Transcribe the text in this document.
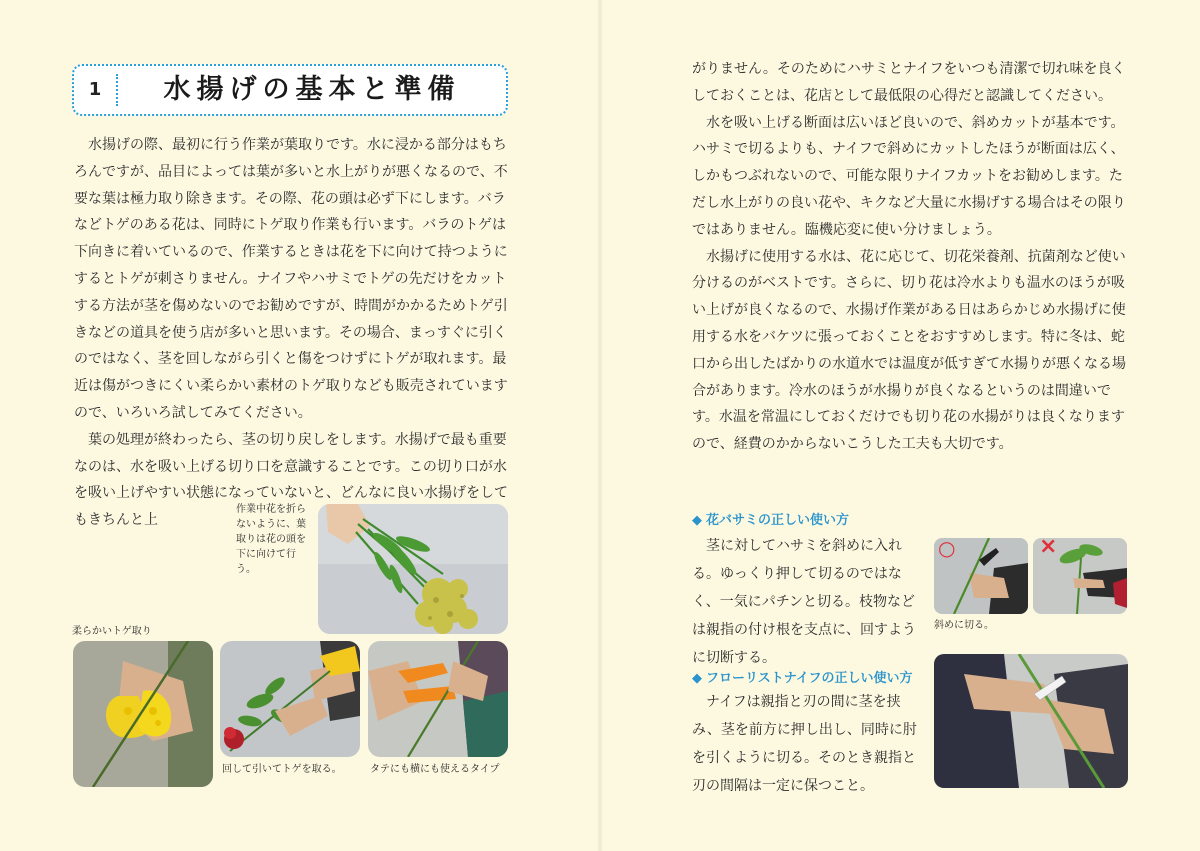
1	水揚げの基本と準備

水揚げの際、最初に行う作業が葉取りです。水に浸かる部分はもちろんですが、品目によっては葉が多いと水上がりが悪くなるので、不要な葉は極力取り除きます。その際、花の頭は必ず下にします。バラなどトゲのある花は、同時にトゲ取り作業も行います。バラのトゲは下向きに着いているので、作業するときは花を下に向けて持つようにするとトゲが刺さりません。ナイフやハサミでトゲの先だけをカットする方法が茎を傷めないのでお勧めですが、時間がかかるためトゲ引きなどの道具を使う店が多いと思います。その場合、まっすぐに引くのではなく、茎を回しながら引くと傷をつけずにトゲが取れます。最近は傷がつきにくい柔らかい素材のトゲ取りなども販売されていますので、いろいろ試してみてください。

葉の処理が終わったら、茎の切り戻しをします。水揚げで最も重要なのは、水を吸い上げる切り口を意識することです。この切り口が水を吸い上げやすい状態になっていないと、どんなに良い水揚げをしてもきちんと上

作業中花を折らないように、葉取りは花の頭を下に向けて行う。

柔らかいトゲ取り

回して引いてトゲを取る。	タテにも横にも使えるタイプ

がりません。そのためにハサミとナイフをいつも清潔で切れ味を良くしておくことは、花店として最低限の心得だと認識してください。

水を吸い上げる断面は広いほど良いので、斜めカットが基本です。ハサミで切るよりも、ナイフで斜めにカットしたほうが断面は広く、しかもつぶれないので、可能な限りナイフカットをお勧めします。ただし水上がりの良い花や、キクなど大量に水揚げする場合はその限りではありません。臨機応変に使い分けましょう。

水揚げに使用する水は、花に応じて、切花栄養剤、抗菌剤など使い分けるのがベストです。さらに、切り花は冷水よりも温水のほうが吸い上げが良くなるので、水揚げ作業がある日はあらかじめ水揚げに使用する水をバケツに張っておくことをおすすめします。特に冬は、蛇口から出したばかりの水道水では温度が低すぎて水揚りが悪くなる場合があります。冷水のほうが水揚りが良くなるというのは間違いです。水温を常温にしておくだけでも切り花の水揚がりは良くなりますので、経費のかからないこうした工夫も大切です。

◆ 花バサミの正しい使い方

茎に対してハサミを斜めに入れる。ゆっくり押して切るのではなく、一気にパチンと切る。枝物などは親指の付け根を支点に、回すように切断する。

○	×

斜めに切る。

◆ フローリストナイフの正しい使い方

ナイフは親指と刃の間に茎を挟み、茎を前方に押し出し、同時に肘を引くように切る。そのとき親指と刃の間隔は一定に保つこと。
